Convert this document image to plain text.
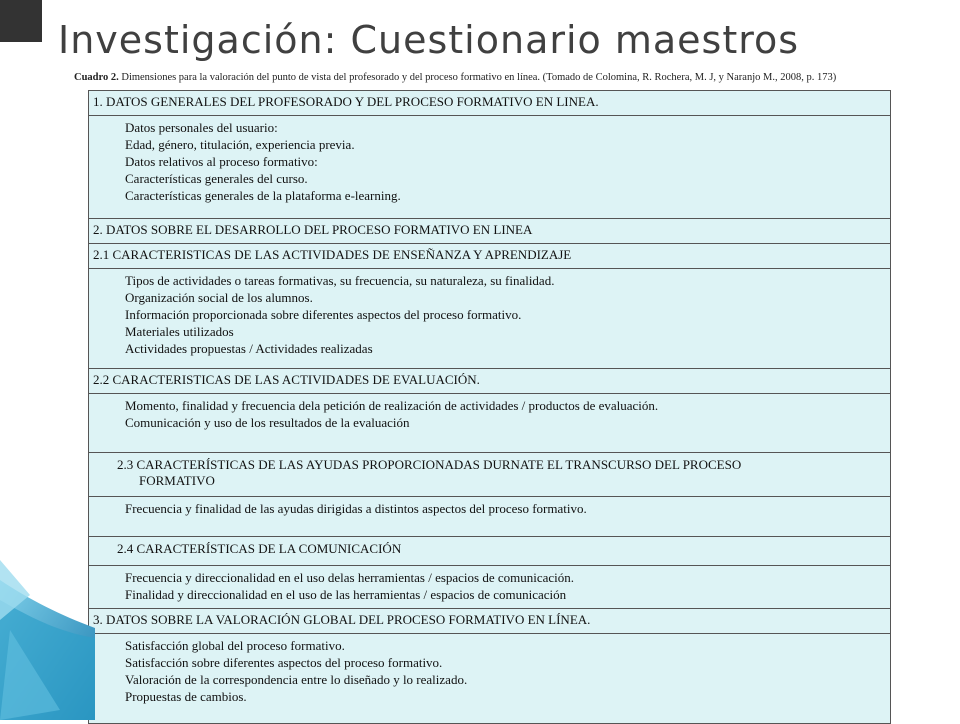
Investigación: Cuestionario maestros
Cuadro 2. Dimensiones para la valoración del punto de vista del profesorado y del proceso formativo en línea. (Tomado de Colomina, R. Rochera, M. J, y Naranjo M., 2008, p. 173)
1. DATOS GENERALES DEL PROFESORADO Y DEL PROCESO FORMATIVO EN LINEA.
Datos personales del usuario:
Edad, género, titulación, experiencia previa.
Datos relativos al proceso formativo:
Características generales del curso.
Características generales de la plataforma e-learning.
2. DATOS SOBRE EL DESARROLLO DEL PROCESO FORMATIVO EN LINEA
2.1 CARACTERISTICAS DE LAS ACTIVIDADES DE ENSEÑANZA Y APRENDIZAJE
Tipos de actividades o tareas formativas, su frecuencia, su naturaleza, su finalidad.
Organización social de los alumnos.
Información proporcionada sobre diferentes aspectos del proceso formativo.
Materiales utilizados
Actividades propuestas / Actividades realizadas
2.2 CARACTERISTICAS DE LAS ACTIVIDADES DE EVALUACIÓN.
Momento, finalidad y frecuencia dela petición de realización de actividades / productos de evaluación.
Comunicación y uso de los resultados de la evaluación
2.3 CARACTERÍSTICAS DE LAS AYUDAS PROPORCIONADAS DURNATE EL TRANSCURSO DEL PROCESO
FORMATIVO
Frecuencia y finalidad de las ayudas dirigidas a distintos aspectos del proceso formativo.
2.4 CARACTERÍSTICAS DE LA COMUNICACIÓN
Frecuencia y direccionalidad en el uso delas herramientas / espacios de comunicación.
Finalidad y direccionalidad en el uso de las herramientas / espacios de comunicación
3. DATOS SOBRE LA VALORACIÓN GLOBAL DEL PROCESO FORMATIVO EN LÍNEA.
Satisfacción global del proceso formativo.
Satisfacción sobre diferentes aspectos del proceso formativo.
Valoración de la correspondencia entre lo diseñado y lo realizado.
Propuestas de cambios.
